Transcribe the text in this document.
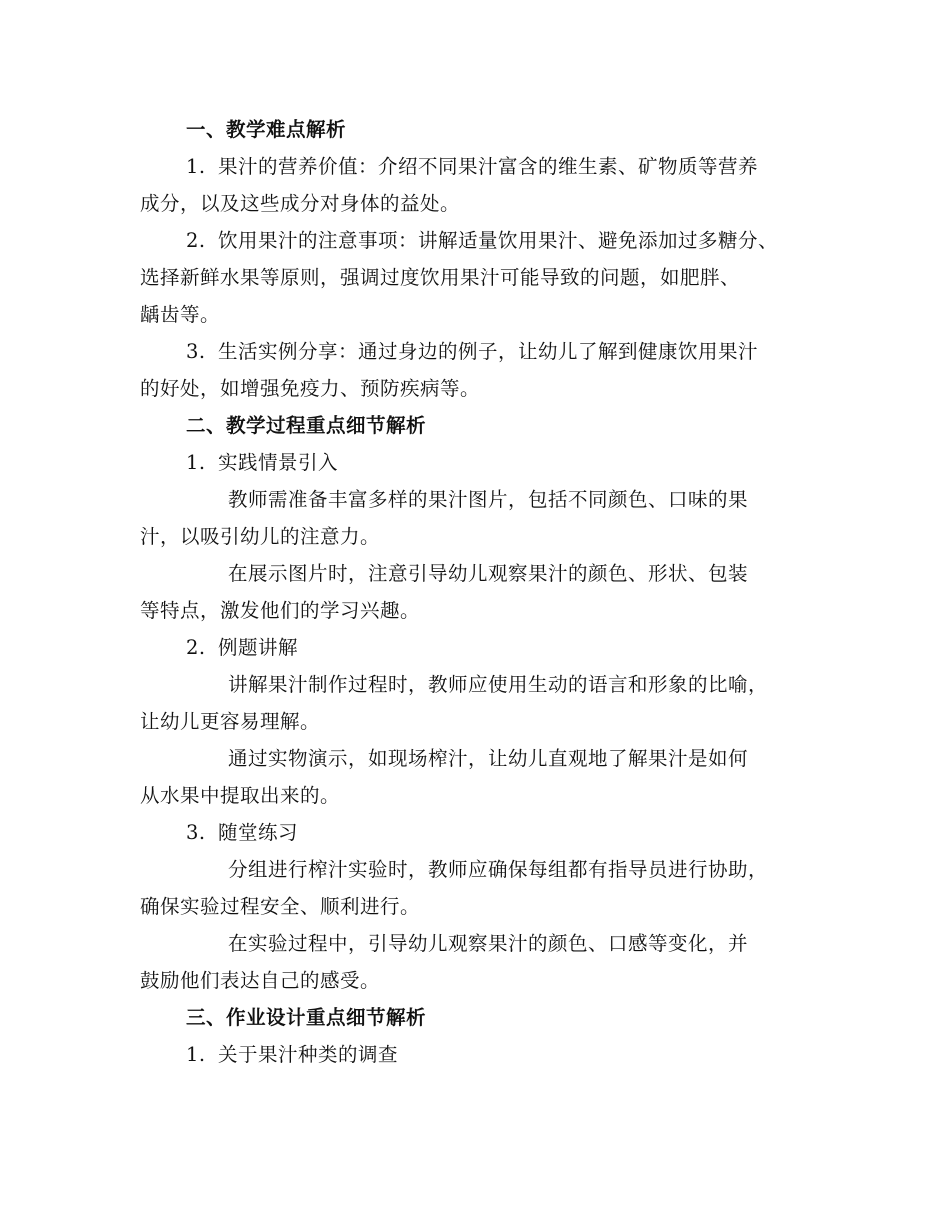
一、教学难点解析
1. 果汁的营养价值：介绍不同果汁富含的维生素、矿物质等营养
成分，以及这些成分对身体的益处。
2. 饮用果汁的注意事项：讲解适量饮用果汁、避免添加过多糖分、
选择新鲜水果等原则，强调过度饮用果汁可能导致的问题，如肥胖、
龋齿等。
3. 生活实例分享：通过身边的例子，让幼儿了解到健康饮用果汁
的好处，如增强免疫力、预防疾病等。
二、教学过程重点细节解析
1. 实践情景引入
教师需准备丰富多样的果汁图片，包括不同颜色、口味的果
汁，以吸引幼儿的注意力。
在展示图片时，注意引导幼儿观察果汁的颜色、形状、包装
等特点，激发他们的学习兴趣。
2. 例题讲解
讲解果汁制作过程时，教师应使用生动的语言和形象的比喻，
让幼儿更容易理解。
通过实物演示，如现场榨汁，让幼儿直观地了解果汁是如何
从水果中提取出来的。
3. 随堂练习
分组进行榨汁实验时，教师应确保每组都有指导员进行协助，
确保实验过程安全、顺利进行。
在实验过程中，引导幼儿观察果汁的颜色、口感等变化，并
鼓励他们表达自己的感受。
三、作业设计重点细节解析
1. 关于果汁种类的调查
